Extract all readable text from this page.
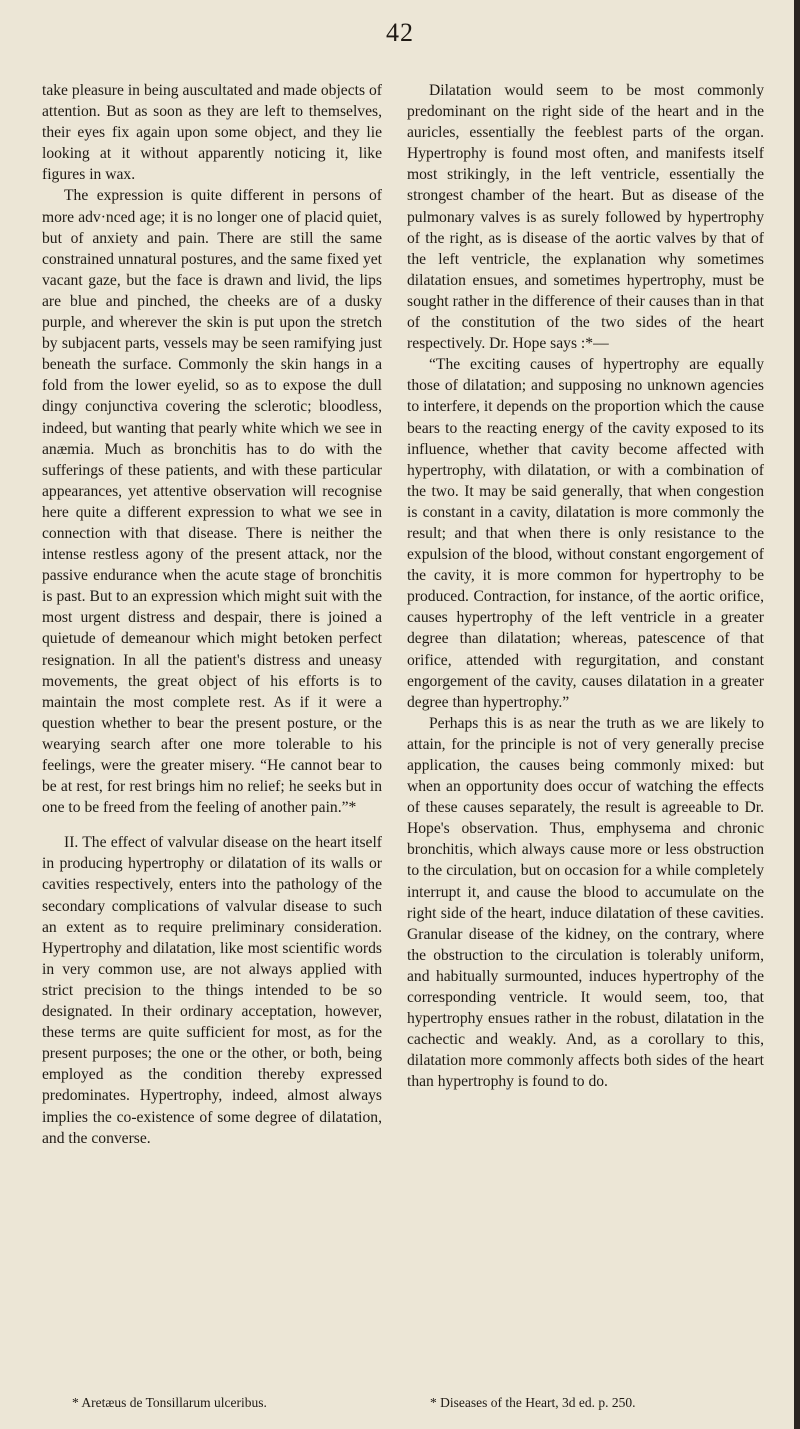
42

take pleasure in being auscultated and made objects of attention. But as soon as they are left to themselves, their eyes fix again upon some object, and they lie looking at it without apparently noticing it, like figures in wax.

The expression is quite different in persons of more adv·nced age; it is no longer one of placid quiet, but of anxiety and pain. There are still the same constrained unnatural postures, and the same fixed yet vacant gaze, but the face is drawn and livid, the lips are blue and pinched, the cheeks are of a dusky purple, and wherever the skin is put upon the stretch by subjacent parts, vessels may be seen ramifying just beneath the surface. Commonly the skin hangs in a fold from the lower eyelid, so as to expose the dull dingy conjunctiva covering the sclerotic; bloodless, indeed, but wanting that pearly white which we see in anæmia. Much as bronchitis has to do with the sufferings of these patients, and with these particular appearances, yet attentive observation will recognise here quite a different expression to what we see in connection with that disease. There is neither the intense restless agony of the present attack, nor the passive endurance when the acute stage of bronchitis is past. But to an expression which might suit with the most urgent distress and despair, there is joined a quietude of demeanour which might betoken perfect resignation. In all the patient's distress and uneasy movements, the great object of his efforts is to maintain the most complete rest. As if it were a question whether to bear the present posture, or the wearying search after one more tolerable to his feelings, were the greater misery. “He cannot bear to be at rest, for rest brings him no relief; he seeks but in one to be freed from the feeling of another pain.”*

II. The effect of valvular disease on the heart itself in producing hypertrophy or dilatation of its walls or cavities respectively, enters into the pathology of the secondary complications of valvular disease to such an extent as to require preliminary consideration. Hypertrophy and dilatation, like most scientific words in very common use, are not always applied with strict precision to the things intended to be so designated. In their ordinary acceptation, however, these terms are quite sufficient for most, as for the present purposes; the one or the other, or both, being employed as the condition thereby expressed predominates. Hypertrophy, indeed, almost always implies the co-existence of some degree of dilatation, and the converse.

Dilatation would seem to be most commonly predominant on the right side of the heart and in the auricles, essentially the feeblest parts of the organ. Hypertrophy is found most often, and manifests itself most strikingly, in the left ventricle, essentially the strongest chamber of the heart. But as disease of the pulmonary valves is as surely followed by hypertrophy of the right, as is disease of the aortic valves by that of the left ventricle, the explanation why sometimes dilatation ensues, and sometimes hypertrophy, must be sought rather in the difference of their causes than in that of the constitution of the two sides of the heart respectively. Dr. Hope says :*—

“The exciting causes of hypertrophy are equally those of dilatation; and supposing no unknown agencies to interfere, it depends on the proportion which the cause bears to the reacting energy of the cavity exposed to its influence, whether that cavity become affected with hypertrophy, with dilatation, or with a combination of the two. It may be said generally, that when congestion is constant in a cavity, dilatation is more commonly the result; and that when there is only resistance to the expulsion of the blood, without constant engorgement of the cavity, it is more common for hypertrophy to be produced. Contraction, for instance, of the aortic orifice, causes hypertrophy of the left ventricle in a greater degree than dilatation; whereas, patescence of that orifice, attended with regurgitation, and constant engorgement of the cavity, causes dilatation in a greater degree than hypertrophy.”

Perhaps this is as near the truth as we are likely to attain, for the principle is not of very generally precise application, the causes being commonly mixed: but when an opportunity does occur of watching the effects of these causes separately, the result is agreeable to Dr. Hope's observation. Thus, emphysema and chronic bronchitis, which always cause more or less obstruction to the circulation, but on occasion for a while completely interrupt it, and cause the blood to accumulate on the right side of the heart, induce dilatation of these cavities. Granular disease of the kidney, on the contrary, where the obstruction to the circulation is tolerably uniform, and habitually surmounted, induces hypertrophy of the corresponding ventricle. It would seem, too, that hypertrophy ensues rather in the robust, dilatation in the cachectic and weakly. And, as a corollary to this, dilatation more commonly affects both sides of the heart than hypertrophy is found to do.

* Aretæus de Tonsillarum ulceribus.	* Diseases of the Heart, 3d ed. p. 250.
